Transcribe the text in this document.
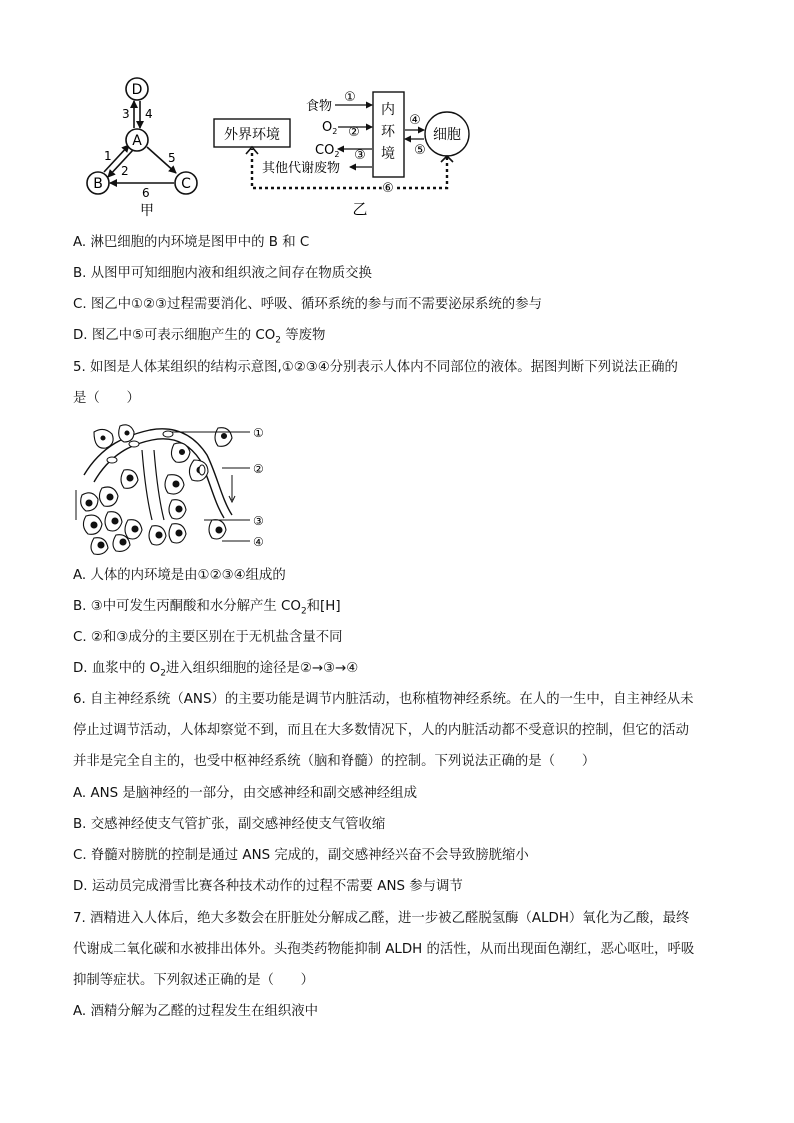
D
A
B	C
3 4
1
2
5
6
甲
外界环境
内
环
境
细胞
食物
①
$O_2$ ②
$CO_2$ ③
其他代谢废物
④
⑤
⑥
乙
A. 淋巴细胞的内环境是图甲中的 B 和 C
B. 从图甲可知细胞内液和组织液之间存在物质交换
C. 图乙中①②③过程需要消化、呼吸、循环系统的参与而不需要泌尿系统的参与
D. 图乙中⑤可表示细胞产生的 $CO_2$ 等废物
5. 如图是人体某组织的结构示意图,①②③④分别表示人体内不同部位的液体。据图判断下列说法正确的
是（　　）
①
②
③
④
A. 人体的内环境是由①②③④组成的
B. ③中可发生丙酮酸和水分解产生 $CO_2$和[H]
C. ②和③成分的主要区别在于无机盐含量不同
D. 血浆中的 $O_2$进入组织细胞的途径是②→③→④
6. 自主神经系统（ANS）的主要功能是调节内脏活动，也称植物神经系统。在人的一生中，自主神经从未
停止过调节活动，人体却察觉不到，而且在大多数情况下，人的内脏活动都不受意识的控制，但它的活动
并非是完全自主的，也受中枢神经系统（脑和脊髓）的控制。下列说法正确的是（　　）
A. ANS 是脑神经的一部分，由交感神经和副交感神经组成
B. 交感神经使支气管扩张，副交感神经使支气管收缩
C. 脊髓对膀胱的控制是通过 ANS 完成的，副交感神经兴奋不会导致膀胱缩小
D. 运动员完成滑雪比赛各种技术动作的过程不需要 ANS 参与调节
7. 酒精进入人体后，绝大多数会在肝脏处分解成乙醛，进一步被乙醛脱氢酶（ALDH）氧化为乙酸，最终
代谢成二氧化碳和水被排出体外。头孢类药物能抑制 ALDH 的活性，从而出现面色潮红，恶心呕吐，呼吸
抑制等症状。下列叙述正确的是（　　）
A. 酒精分解为乙醛的过程发生在组织液中
